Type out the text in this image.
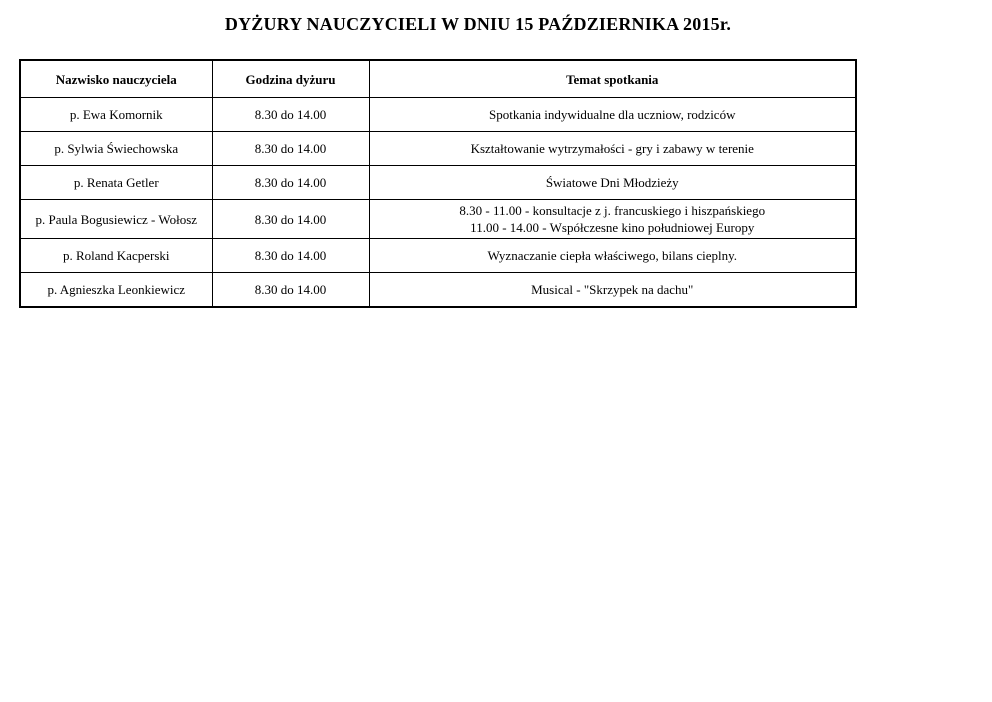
DYŻURY NAUCZYCIELI W DNIU 15 PAŹDZIERNIKA 2015r.
Nazwisko nauczyciela	Godzina dyżuru	Temat spotkania
p. Ewa Komornik	8.30 do 14.00	Spotkania indywidualne dla uczniow, rodziców

p. Sylwia Świechowska	8.30 do 14.00	Kształtowanie wytrzymałości - gry i zabawy w terenie

p. Renata Getler	8.30 do 14.00	Światowe Dni Młodzieży

p. Paula Bogusiewicz - Wołosz	8.30 do 14.00	8.30 - 11.00 - konsultacje z j. francuskiego i hiszpańskiego
11.00 - 14.00 - Współczesne kino południowej Europy

p. Roland Kacperski	8.30 do 14.00	Wyznaczanie ciepła właściwego, bilans cieplny.

p. Agnieszka Leonkiewicz	8.30 do 14.00	Musical - "Skrzypek na dachu"
